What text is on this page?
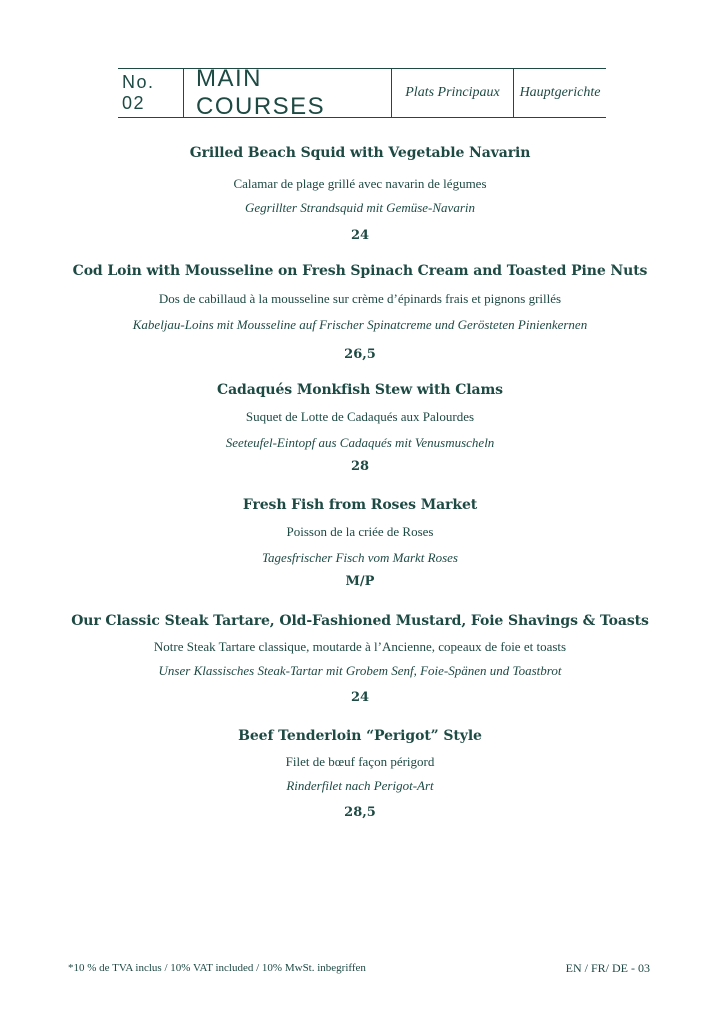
No. 02
MAIN COURSES
Plats Principaux	Hauptgerichte
Grilled Beach Squid with Vegetable Navarin
Calamar de plage grillé avec navarin de légumes
Gegrillter Strandsquid mit Gemüse-Navarin
24
Cod Loin with Mousseline on Fresh Spinach Cream and Toasted Pine Nuts
Dos de cabillaud à la mousseline sur crème d’épinards frais et pignons grillés
Kabeljau-Loins mit Mousseline auf Frischer Spinatcreme und Gerösteten Pinienkernen
26,5
Cadaqués Monkfish Stew with Clams
Suquet de Lotte de Cadaqués aux Palourdes
Seeteufel-Eintopf aus Cadaqués mit Venusmuscheln
28
Fresh Fish from Roses Market
Poisson de la criée de Roses
Tagesfrischer Fisch vom Markt Roses
M/P
Our Classic Steak Tartare, Old-Fashioned Mustard, Foie Shavings & Toasts
Notre Steak Tartare classique, moutarde à l’Ancienne, copeaux de foie et toasts
Unser Klassisches Steak-Tartar mit Grobem Senf, Foie-Spänen und Toastbrot
24
Beef Tenderloin “Perigot” Style
Filet de bœuf façon périgord
Rinderfilet nach Perigot-Art
28,5
*10 % de TVA inclus / 10% VAT included / 10% MwSt. inbegriffen	EN / FR/ DE - 03
